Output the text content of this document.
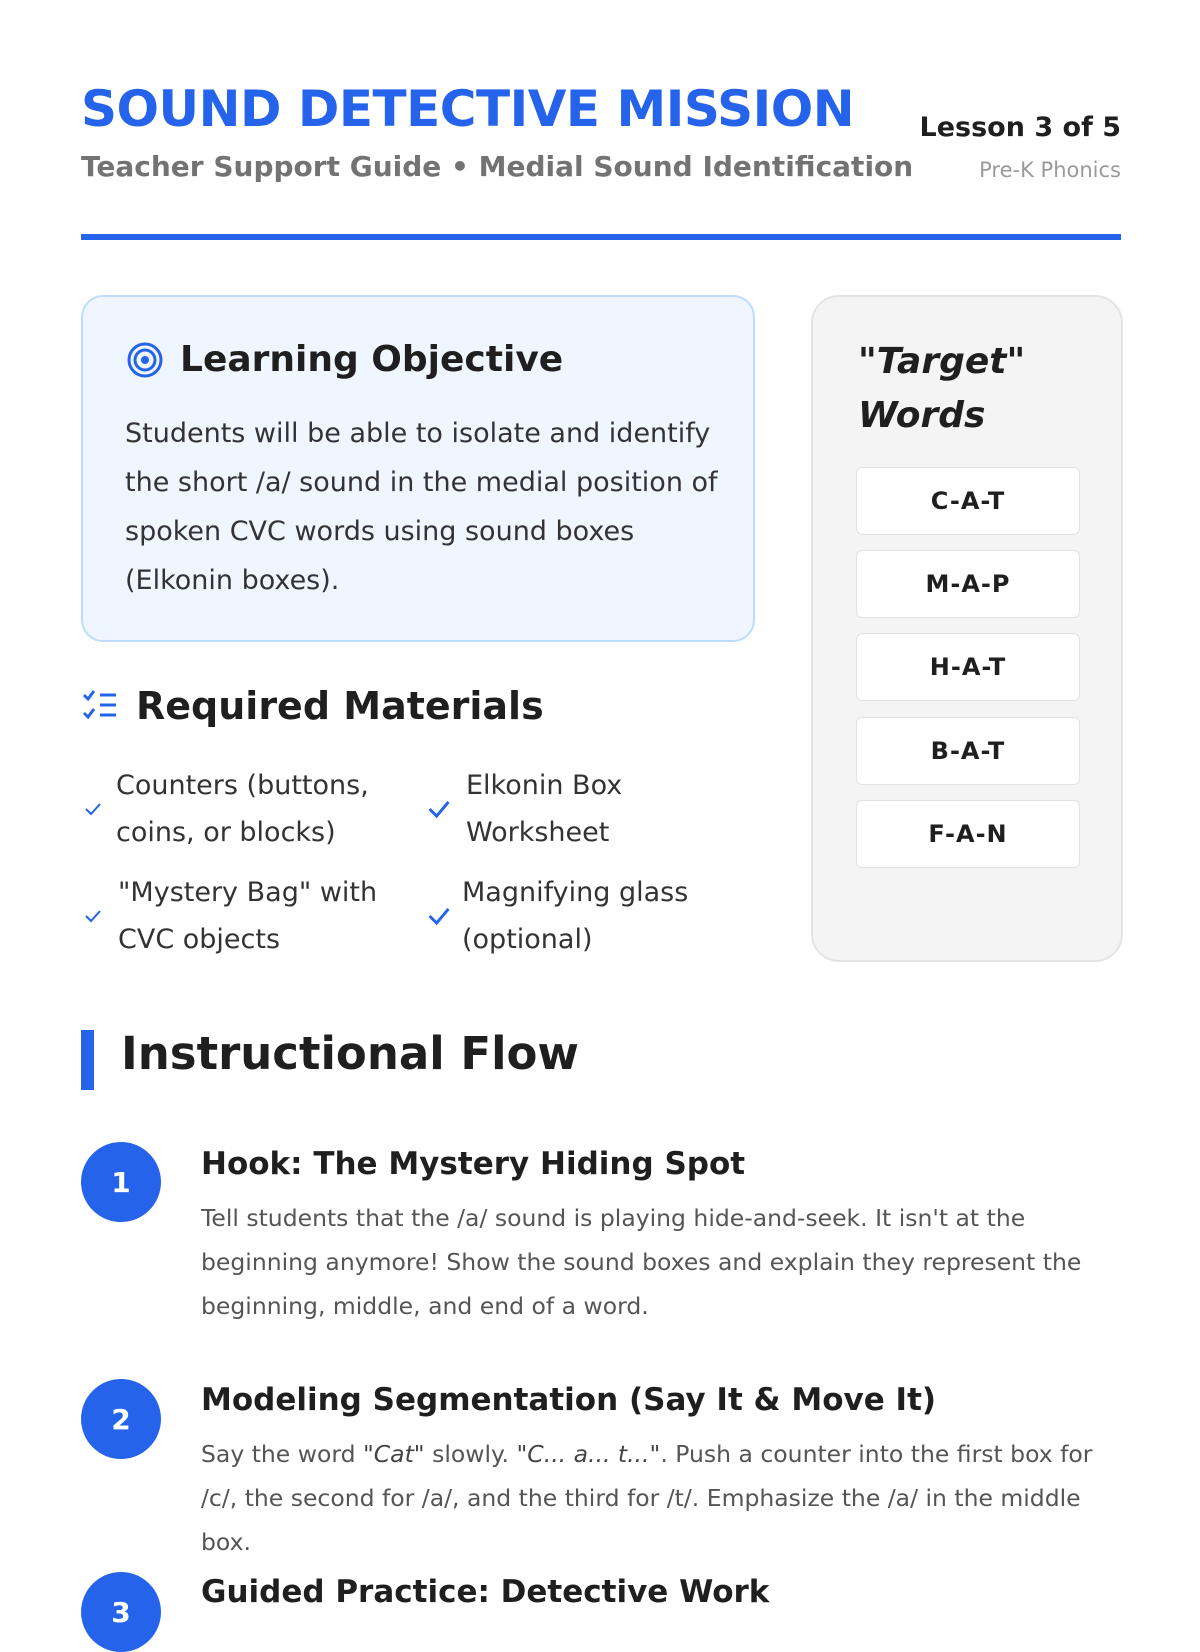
SOUND DETECTIVE MISSION
Teacher Support Guide • Medial Sound Identification
Lesson 3 of 5
Pre-K Phonics
Learning Objective
Students will be able to isolate and identify the short /a/ sound in the medial position of spoken CVC words using sound boxes (Elkonin boxes).
Required Materials
Counters (buttons,
coins, or blocks)
Elkonin Box
Worksheet
"Mystery Bag" with
CVC objects
Magnifying glass
(optional)
"Target" Words
C-A-T
M-A-P
H-A-T
B-A-T
F-A-N
Instructional Flow
1	Hook: The Mystery Hiding Spot
Tell students that the /a/ sound is playing hide-and-seek. It isn't at the beginning anymore! Show the sound boxes and explain they represent the beginning, middle, and end of a word.
2
Modeling Segmentation (Say It & Move It)
Say the word "Cat" slowly. "C... a... t...". Push a counter into the first box for /c/, the second for /a/, and the third for /t/. Emphasize the /a/ in the middle box.
3
Guided Practice: Detective Work
